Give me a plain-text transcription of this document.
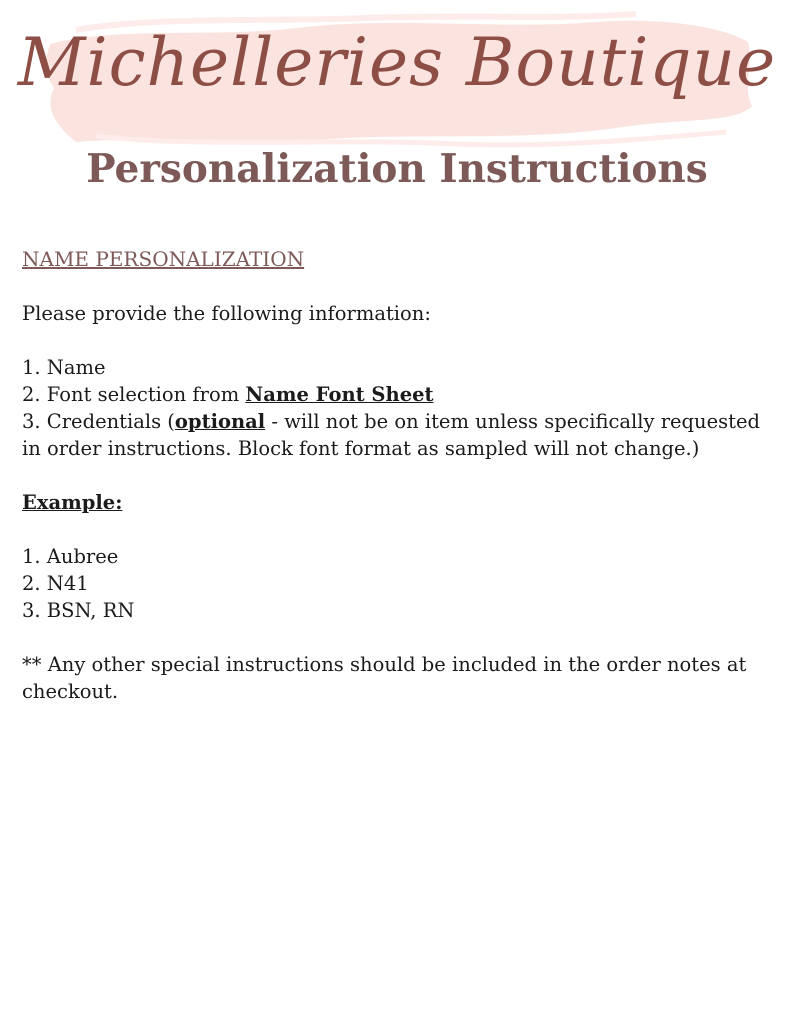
Michelleries Boutique
Personalization Instructions

NAME PERSONALIZATION

Please provide the following information:

1. Name
2. Font selection from Name Font Sheet
3. Credentials (optional - will not be on item unless specifically requested in order instructions. Block font format as sampled will not change.)

Example:

1. Aubree
2. N41
3. BSN, RN

** Any other special instructions should be included in the order notes at checkout.
